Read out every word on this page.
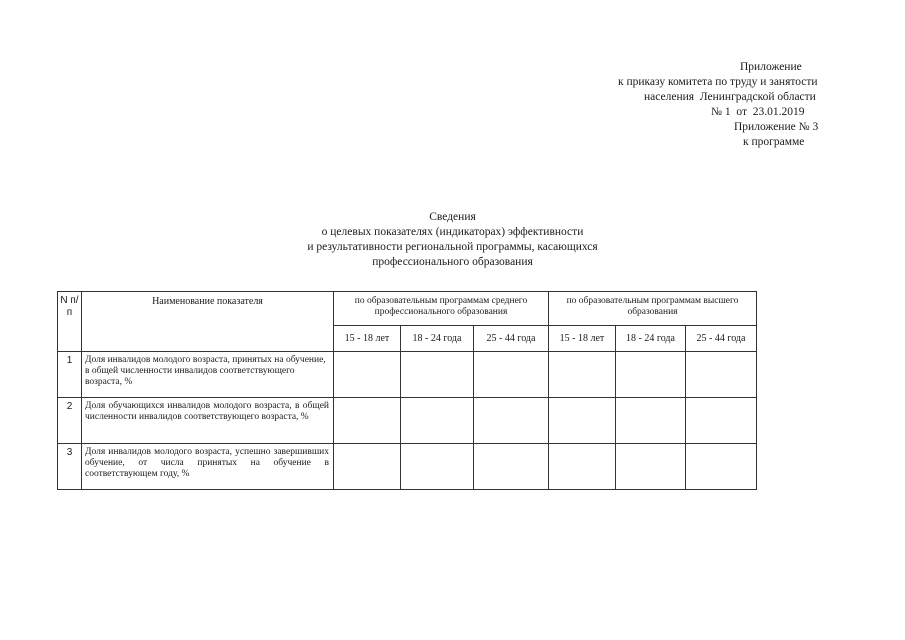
Приложение
к приказу комитета по труду и занятости
населения  Ленинградской области
№ 1  от  23.01.2019
Приложение № 3
к программе
Сведения
о целевых показателях (индикаторах) эффективности
и результативности региональной программы, касающихся
профессионального образования
N п/п	Наименование показателя	по образовательным программам среднего профессионального образования			по образовательным программам высшего образования		
		15 - 18 лет	18 - 24 года	25 - 44 года	15 - 18 лет	18 - 24 года	25 - 44 года
1	Доля инвалидов молодого возраста, принятых на обучение, в общей численности инвалидов соответствующего возраста, %						
2	Доля обучающихся инвалидов молодого возраста, в общей численности инвалидов соответствующего возраста, %						
3	Доля инвалидов молодого возраста, успешно завершивших обучение, от числа принятых на обучение в соответствующем году, %						
